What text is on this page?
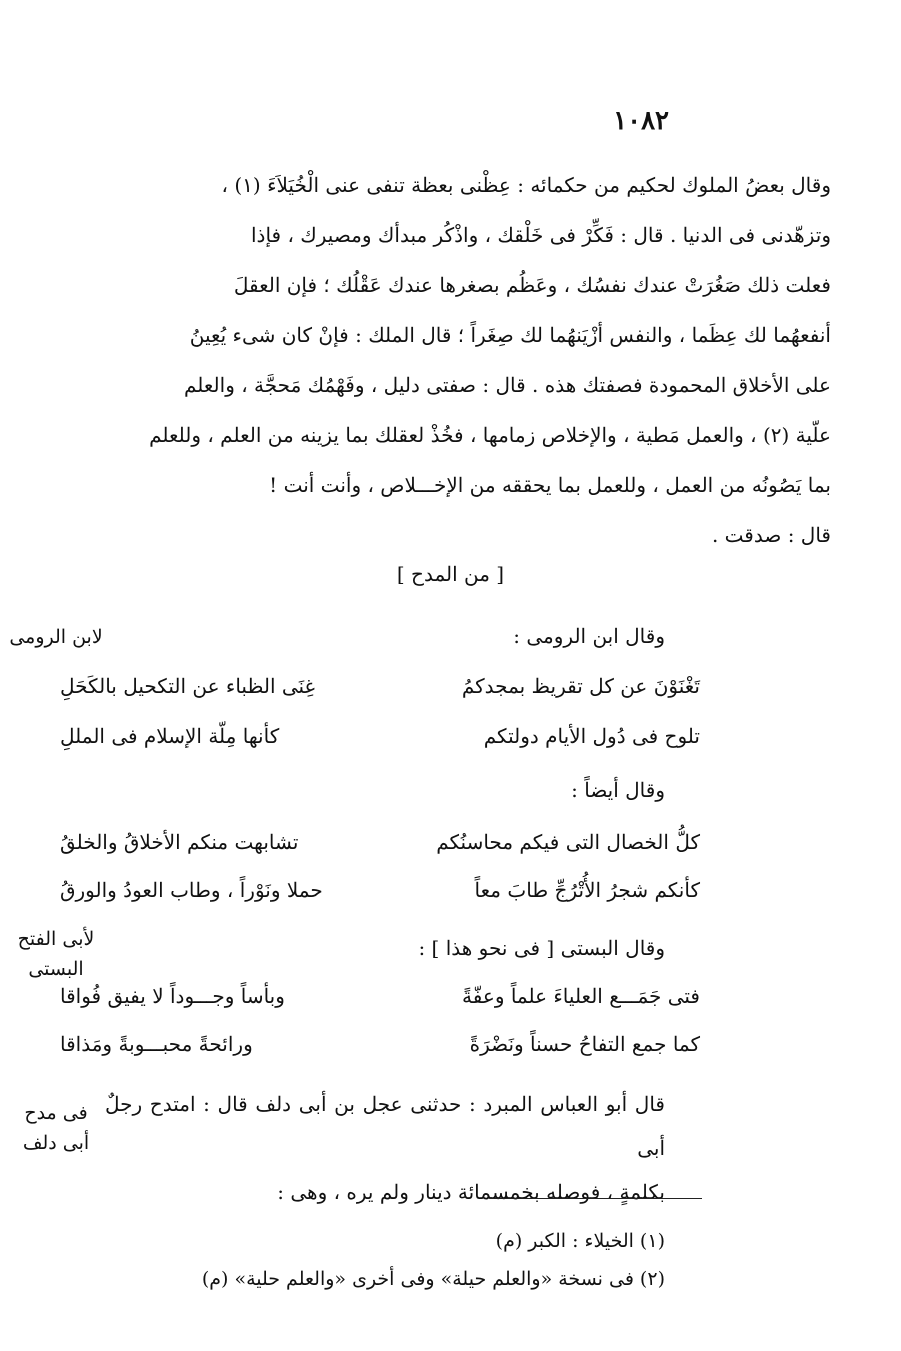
١٠٨٢

وقال بعضُ الملوك لحكيم من حكمائه : عِظْنى بعظة تنفى عنى الْخُيَلاَءَ (١) ،

وتزهّدنى فى الدنيا . قال : فَكِّرْ فى خَلْقك ، واذْكُر مبدأك ومصيرك ، فإذا

فعلت ذلك صَغُرَتْ عندك نفسُك ، وعَظُم بصغرها عندك عَقْلُك ؛ فإن العقلَ

أنفعهُما لك عِظَما ، والنفس أزْيَنهُما لك صِغَراً ؛ قال الملك : فإنْ كان شىء يُعِينُ

على الأخلاق المحمودة فصفتك هذه . قال : صفتى دليل ، وفَهْمُك مَحجَّة ، والعلم

علّية (٢) ، والعمل مَطية ، والإخلاص زمامها ، فخُذْ لعقلك بما يزينه من العلم ، وللعلم

بما يَصُونُه من العمل ، وللعمل بما يحققه من الإخـــلاص ، وأنت أنت !

قال : صدقت .

[ من المدح ]
لابن الرومى	وقال ابن الرومى :
تَغْنَوْنَ عن كل تقريظ بمجدكمُ
غِنَى الظباء عن التكحيل بالكَحَلِ
تلوح فى دُول الأيام دولتكم
كأنها مِلّة الإسلام فى المللِ
وقال أيضاً :
كلُّ الخصال التى فيكم محاسنُكم
تشابهت منكم الأخلاقُ والخلقُ
كأنكم شجرُ الأُتْرُجِّ طابَ معاً
حملا ونَوْراً ، وطاب العودُ والورقُ
لأبى الفتح
البستى
وقال البستى [ فى نحو هذا ] :
فتى جَمَـــع العلياءَ علماً وعفّةً
وبأساً وجـــوداً لا يفيق فُواقا
كما جمع التفاحُ حسناً ونَضْرَةً
ورائحةً محبـــوبةً ومَذاقا
فى مدح
أبى دلف

قال أبو العباس المبرد : حدثنى عجل بن أبى دلف قال : امتدح رجلٌ أبى

بكلمةٍ ، فوصله بخمسمائة دينار ولم يره ، وهى :

(١) الخيلاء : الكبر (م)
(٢) فى نسخة «والعلم حيلة» وفى أخرى «والعلم حلية» (م)
